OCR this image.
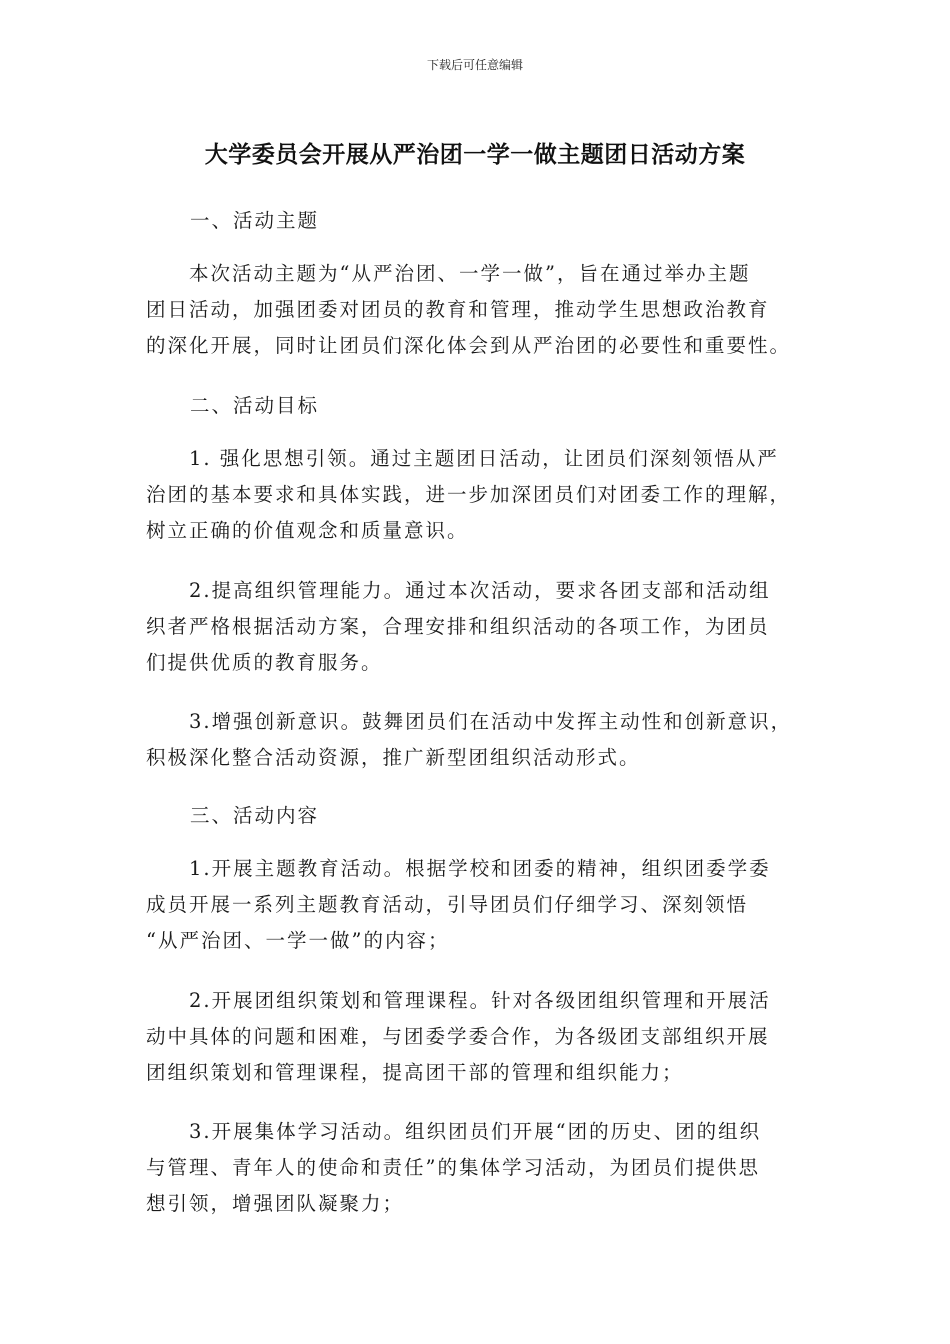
下载后可任意编辑
大学委员会开展从严治团一学一做主题团日活动方案
一、活动主题
　　本次活动主题为“从严治团、一学一做”，旨在通过举办主题
团日活动，加强团委对团员的教育和管理，推动学生思想政治教育
的深化开展，同时让团员们深化体会到从严治团的必要性和重要性。
二、活动目标
　　1. 强化思想引领。通过主题团日活动，让团员们深刻领悟从严
治团的基本要求和具体实践，进一步加深团员们对团委工作的理解，
树立正确的价值观念和质量意识。
　　2.提高组织管理能力。通过本次活动，要求各团支部和活动组
织者严格根据活动方案，合理安排和组织活动的各项工作，为团员
们提供优质的教育服务。
　　3.增强创新意识。鼓舞团员们在活动中发挥主动性和创新意识，
积极深化整合活动资源，推广新型团组织活动形式。
三、活动内容
　　1.开展主题教育活动。根据学校和团委的精神，组织团委学委
成员开展一系列主题教育活动，引导团员们仔细学习、深刻领悟
“从严治团、一学一做”的内容；
　　2.开展团组织策划和管理课程。针对各级团组织管理和开展活
动中具体的问题和困难，与团委学委合作，为各级团支部组织开展
团组织策划和管理课程，提高团干部的管理和组织能力；
　　3.开展集体学习活动。组织团员们开展“团的历史、团的组织
与管理、青年人的使命和责任”的集体学习活动，为团员们提供思
想引领，增强团队凝聚力；
